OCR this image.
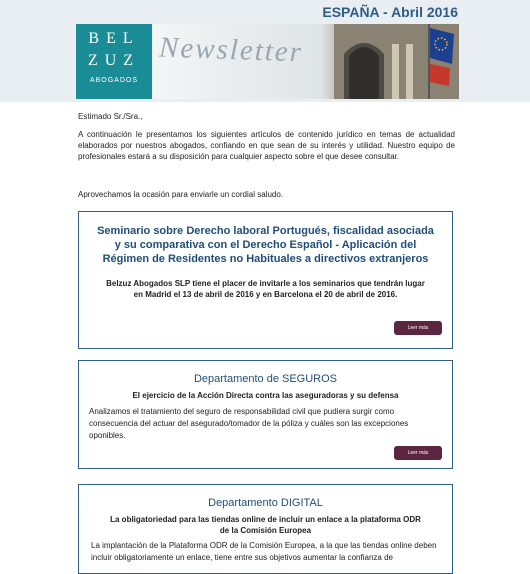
ESPAÑA - Abril 2016
BEL
ZUZ
ABOGADOS
Newsletter
Estimado Sr./Sra.,
A continuación le presentamos los siguientes artículos de contenido jurídico en temas de actualidad elaborados por nuestros abogados, confiando en que sean de su interés y utilidad. Nuestro equipo de profesionales estará a su disposición para cualquier aspecto sobre el que desee consultar.
Aprovechamos la ocasión para enviarle un cordial saludo.
Seminario sobre Derecho laboral Portugués, fiscalidad asociada y su comparativa con el Derecho Español - Aplicación del Régimen de Residentes no Habituales a directivos extranjeros
Belzuz Abogados SLP tiene el placer de invitarle a los seminarios que tendrán lugar en Madrid el 13 de abril de 2016 y en Barcelona el 20 de abril de 2016.
Leer más
Departamento de SEGUROS
El ejercicio de la Acción Directa contra las aseguradoras y su defensa
Analizamos el tratamiento del seguro de responsabilidad civil que pudiera surgir como consecuencia del actuar del asegurado/tomador de la póliza y cuáles son las excepciones oponibles.
Leer más
Departamento DIGITAL
La obligatoriedad para las tiendas online de incluir un enlace a la plataforma ODR de la Comisión Europea
La implantación de la Plataforma ODR de la Comisión Europea, a la que las tiendas online deben incluir obligatoriamente un enlace, tiene entre sus objetivos aumentar la confianza de
